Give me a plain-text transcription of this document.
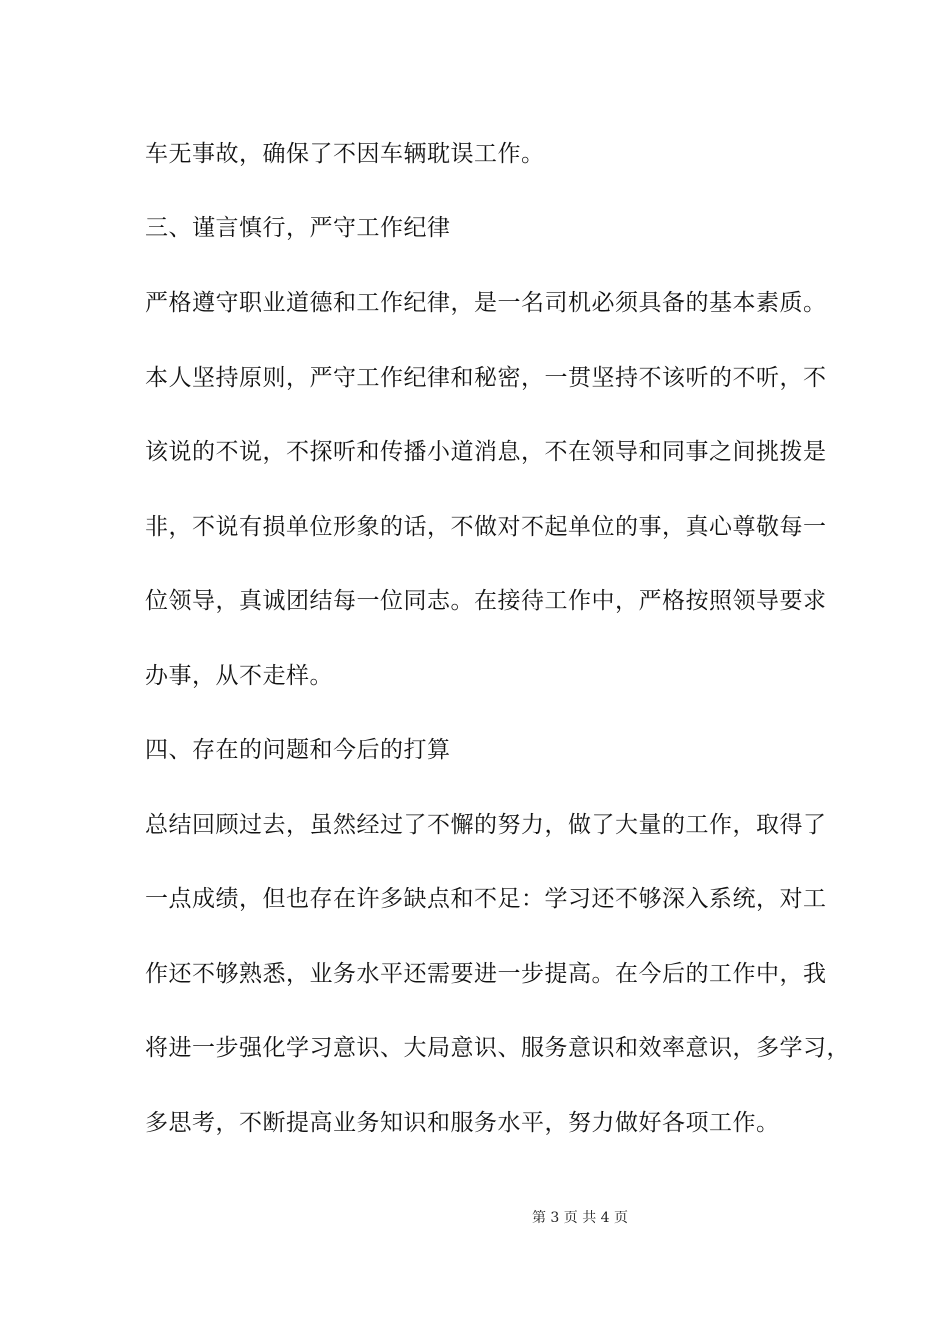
车无事故，确保了不因车辆耽误工作。
三、谨言慎行，严守工作纪律
严格遵守职业道德和工作纪律，是一名司机必须具备的基本素质。
本人坚持原则，严守工作纪律和秘密，一贯坚持不该听的不听，不
该说的不说，不探听和传播小道消息，不在领导和同事之间挑拨是
非，不说有损单位形象的话，不做对不起单位的事，真心尊敬每一
位领导，真诚团结每一位同志。在接待工作中，严格按照领导要求
办事，从不走样。
四、存在的问题和今后的打算
总结回顾过去，虽然经过了不懈的努力，做了大量的工作，取得了
一点成绩，但也存在许多缺点和不足：学习还不够深入系统，对工
作还不够熟悉，业务水平还需要进一步提高。在今后的工作中，我
将进一步强化学习意识、大局意识、服务意识和效率意识，多学习，
多思考，不断提高业务知识和服务水平，努力做好各项工作。
第 3 页 共 4 页
